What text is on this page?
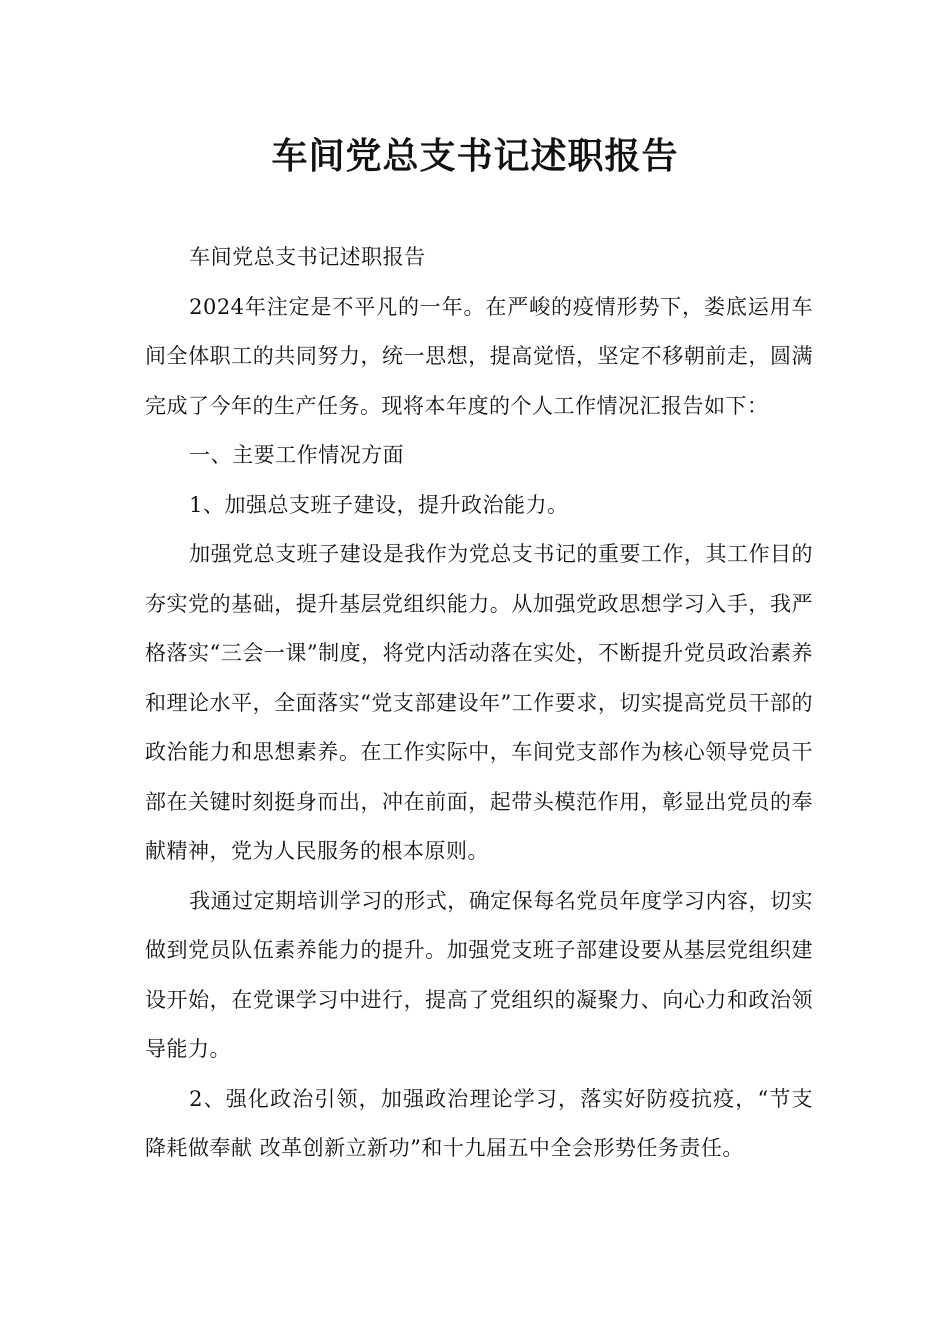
车间党总支书记述职报告

车间党总支书记述职报告

2024年注定是不平凡的一年。在严峻的疫情形势下，娄底运用车间全体职工的共同努力，统一思想，提高觉悟，坚定不移朝前走，圆满完成了今年的生产任务。现将本年度的个人工作情况汇报告如下：

一、主要工作情况方面

1、加强总支班子建设，提升政治能力。

加强党总支班子建设是我作为党总支书记的重要工作，其工作目的夯实党的基础，提升基层党组织能力。从加强党政思想学习入手，我严格落实“三会一课”制度，将党内活动落在实处，不断提升党员政治素养和理论水平，全面落实“党支部建设年”工作要求，切实提高党员干部的政治能力和思想素养。在工作实际中，车间党支部作为核心领导党员干部在关键时刻挺身而出，冲在前面，起带头模范作用，彰显出党员的奉献精神，党为人民服务的根本原则。

我通过定期培训学习的形式，确定保每名党员年度学习内容，切实做到党员队伍素养能力的提升。加强党支班子部建设要从基层党组织建设开始，在党课学习中进行，提高了党组织的凝聚力、向心力和政治领导能力。

2、强化政治引领，加强政治理论学习，落实好防疫抗疫，“节支降耗做奉献 改革创新立新功”和十九届五中全会形势任务责任。
